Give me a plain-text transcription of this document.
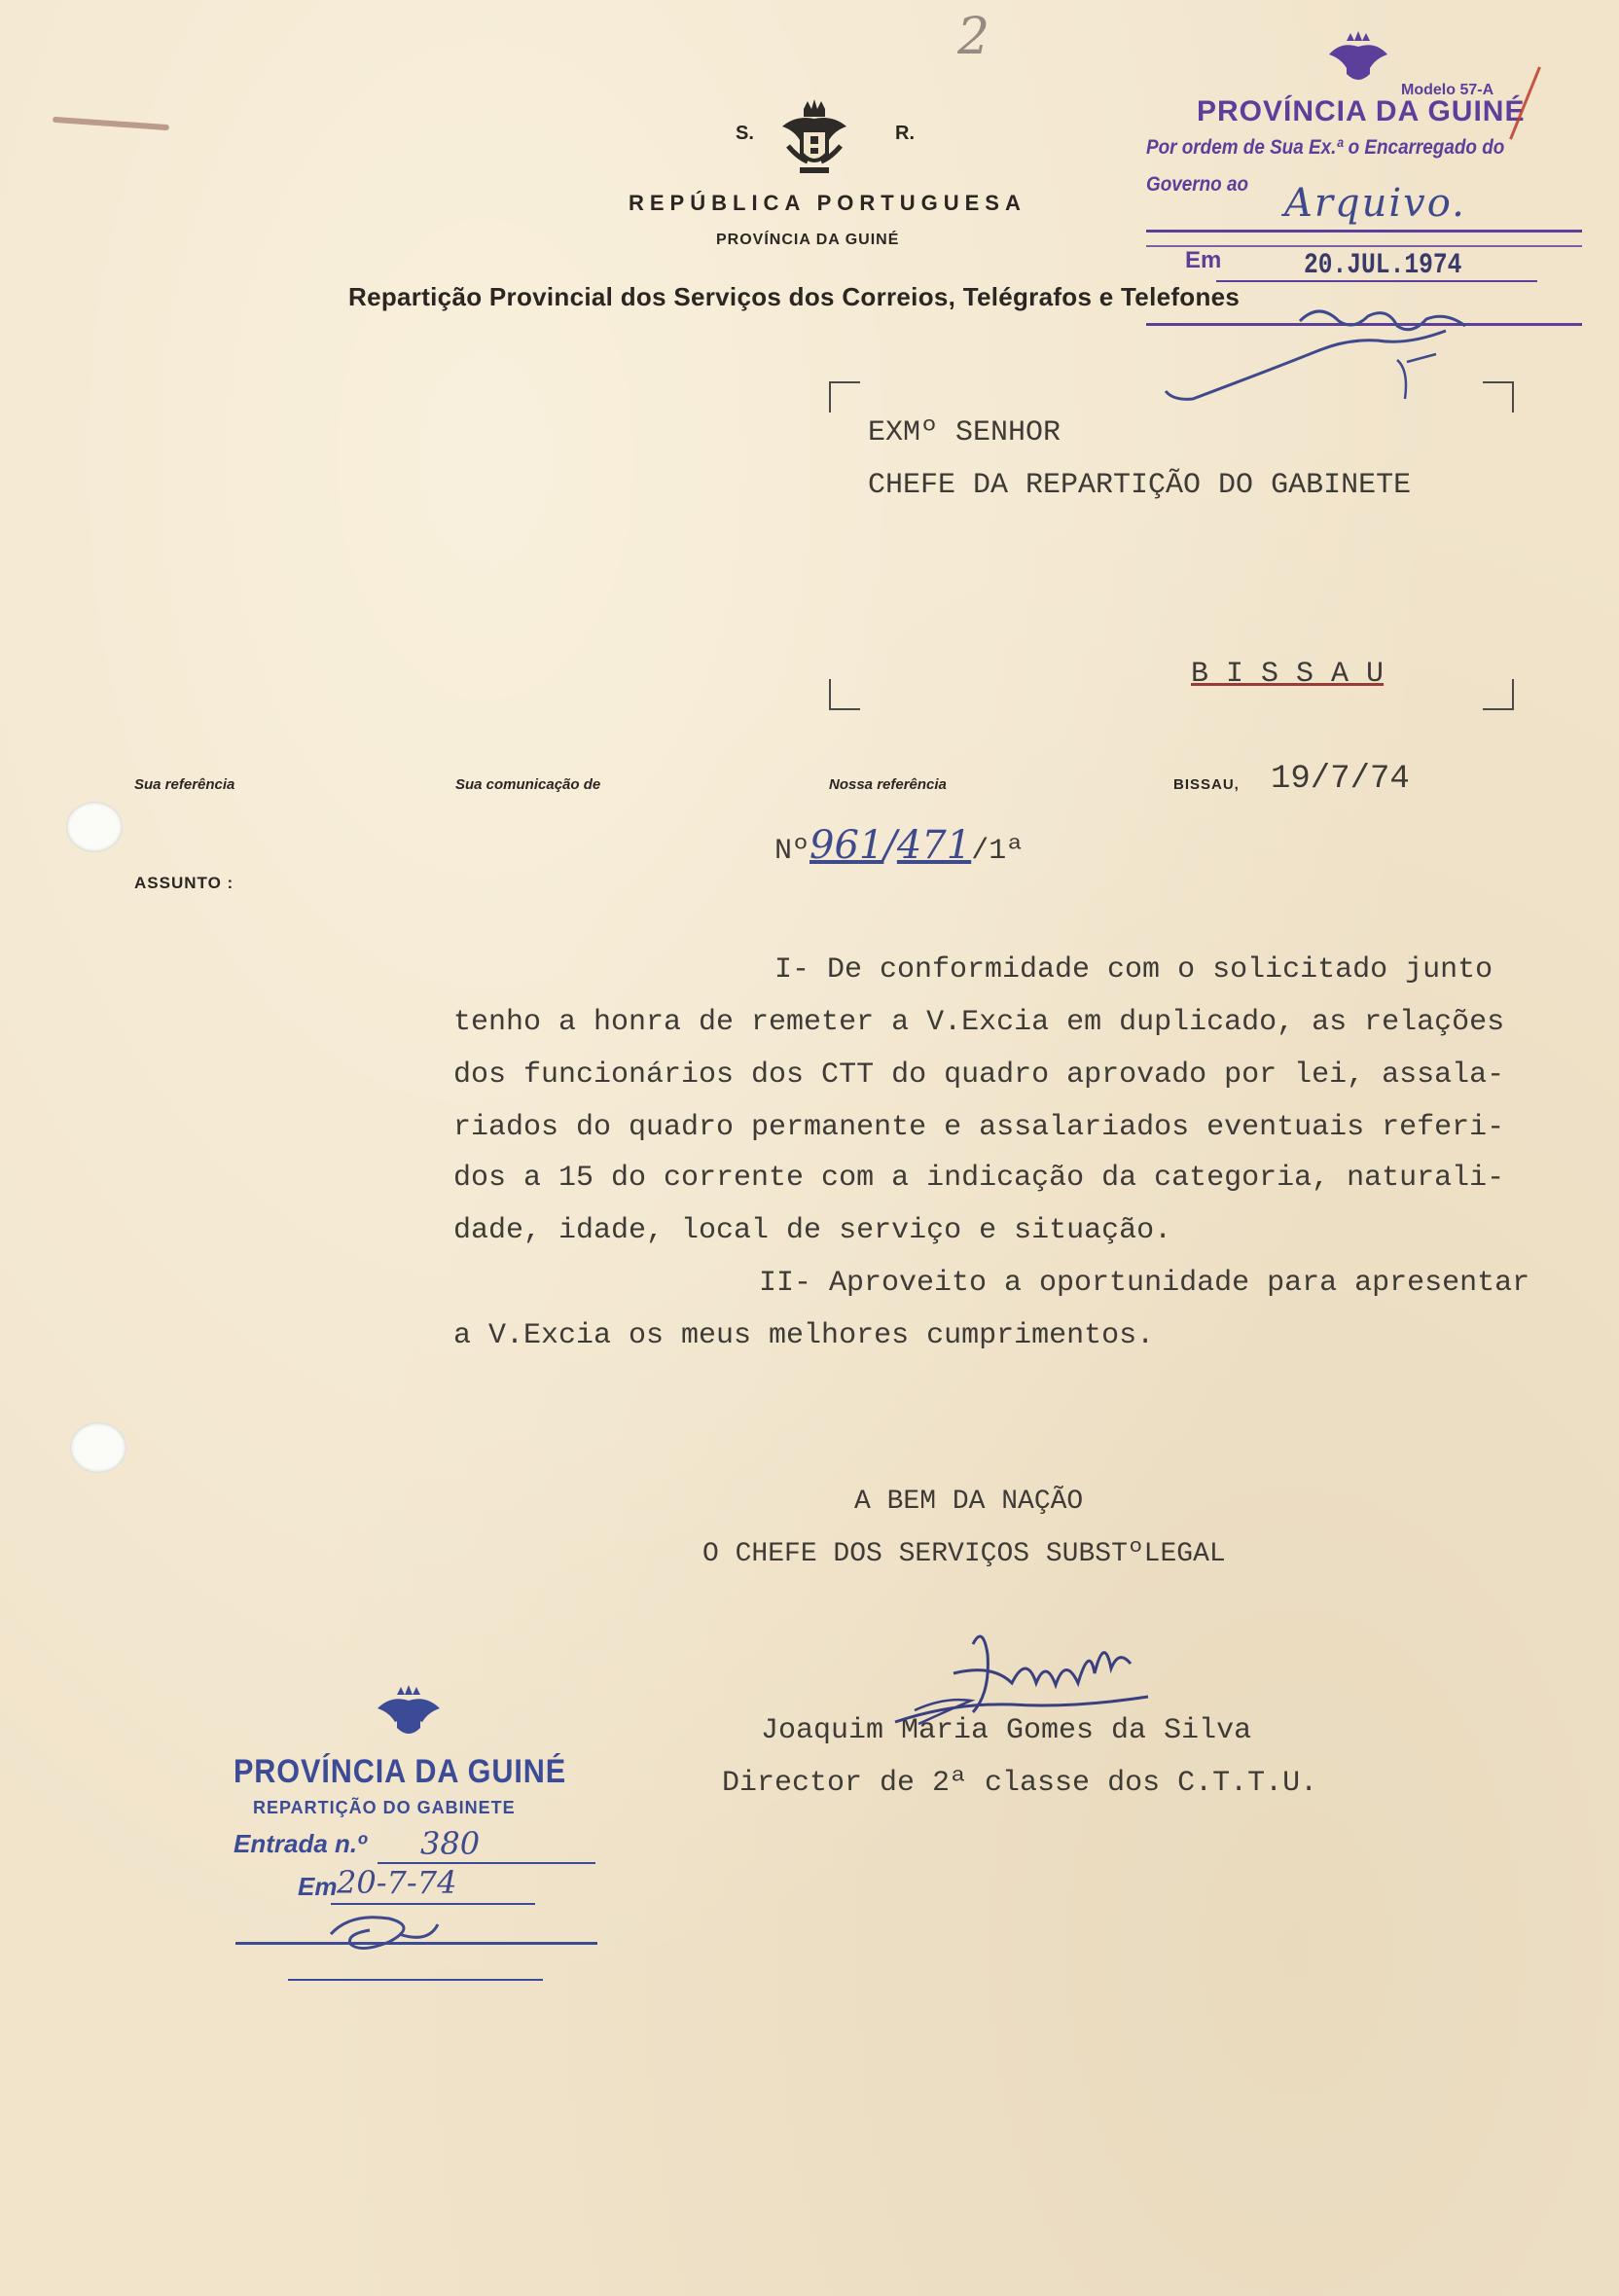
2
S.	R.
REPÚBLICA PORTUGUESA
PROVÍNCIA DA GUINÉ
Repartição Provincial dos Serviços dos Correios, Telégrafos e Telefones
Modelo 57-A
PROVÍNCIA DA GUINÉ
Por ordem de Sua Ex.ª o Encarregado do
Governo ao Arquivo.
Em	20.JUL.1974
EXMº SENHOR
CHEFE DA REPARTIÇÃO DO GABINETE
B I S S A U
Sua referência	Sua comunicação de	Nossa referência	BISSAU, 19/7/74
ASSUNTO :
Nº961/471/1ª
I- De conformidade com o solicitado junto
tenho a honra de remeter a V.Excia em duplicado, as relações
dos funcionários dos CTT do quadro aprovado por lei, assala-
riados do quadro permanente e assalariados eventuais referi-
dos a 15 do corrente com a indicação da categoria, naturali-
dade, idade, local de serviço e situação.
II- Aproveito a oportunidade para apresentar
a V.Excia os meus melhores cumprimentos.
A BEM DA NAÇÃO
O CHEFE DOS SERVIÇOS SUBSTºLEGAL
Joaquim Maria Gomes da Silva
Director de 2ª classe dos C.T.T.U.
PROVÍNCIA DA GUINÉ
REPARTIÇÃO DO GABINETE
Entrada n.º 380
Em 20-7-74
